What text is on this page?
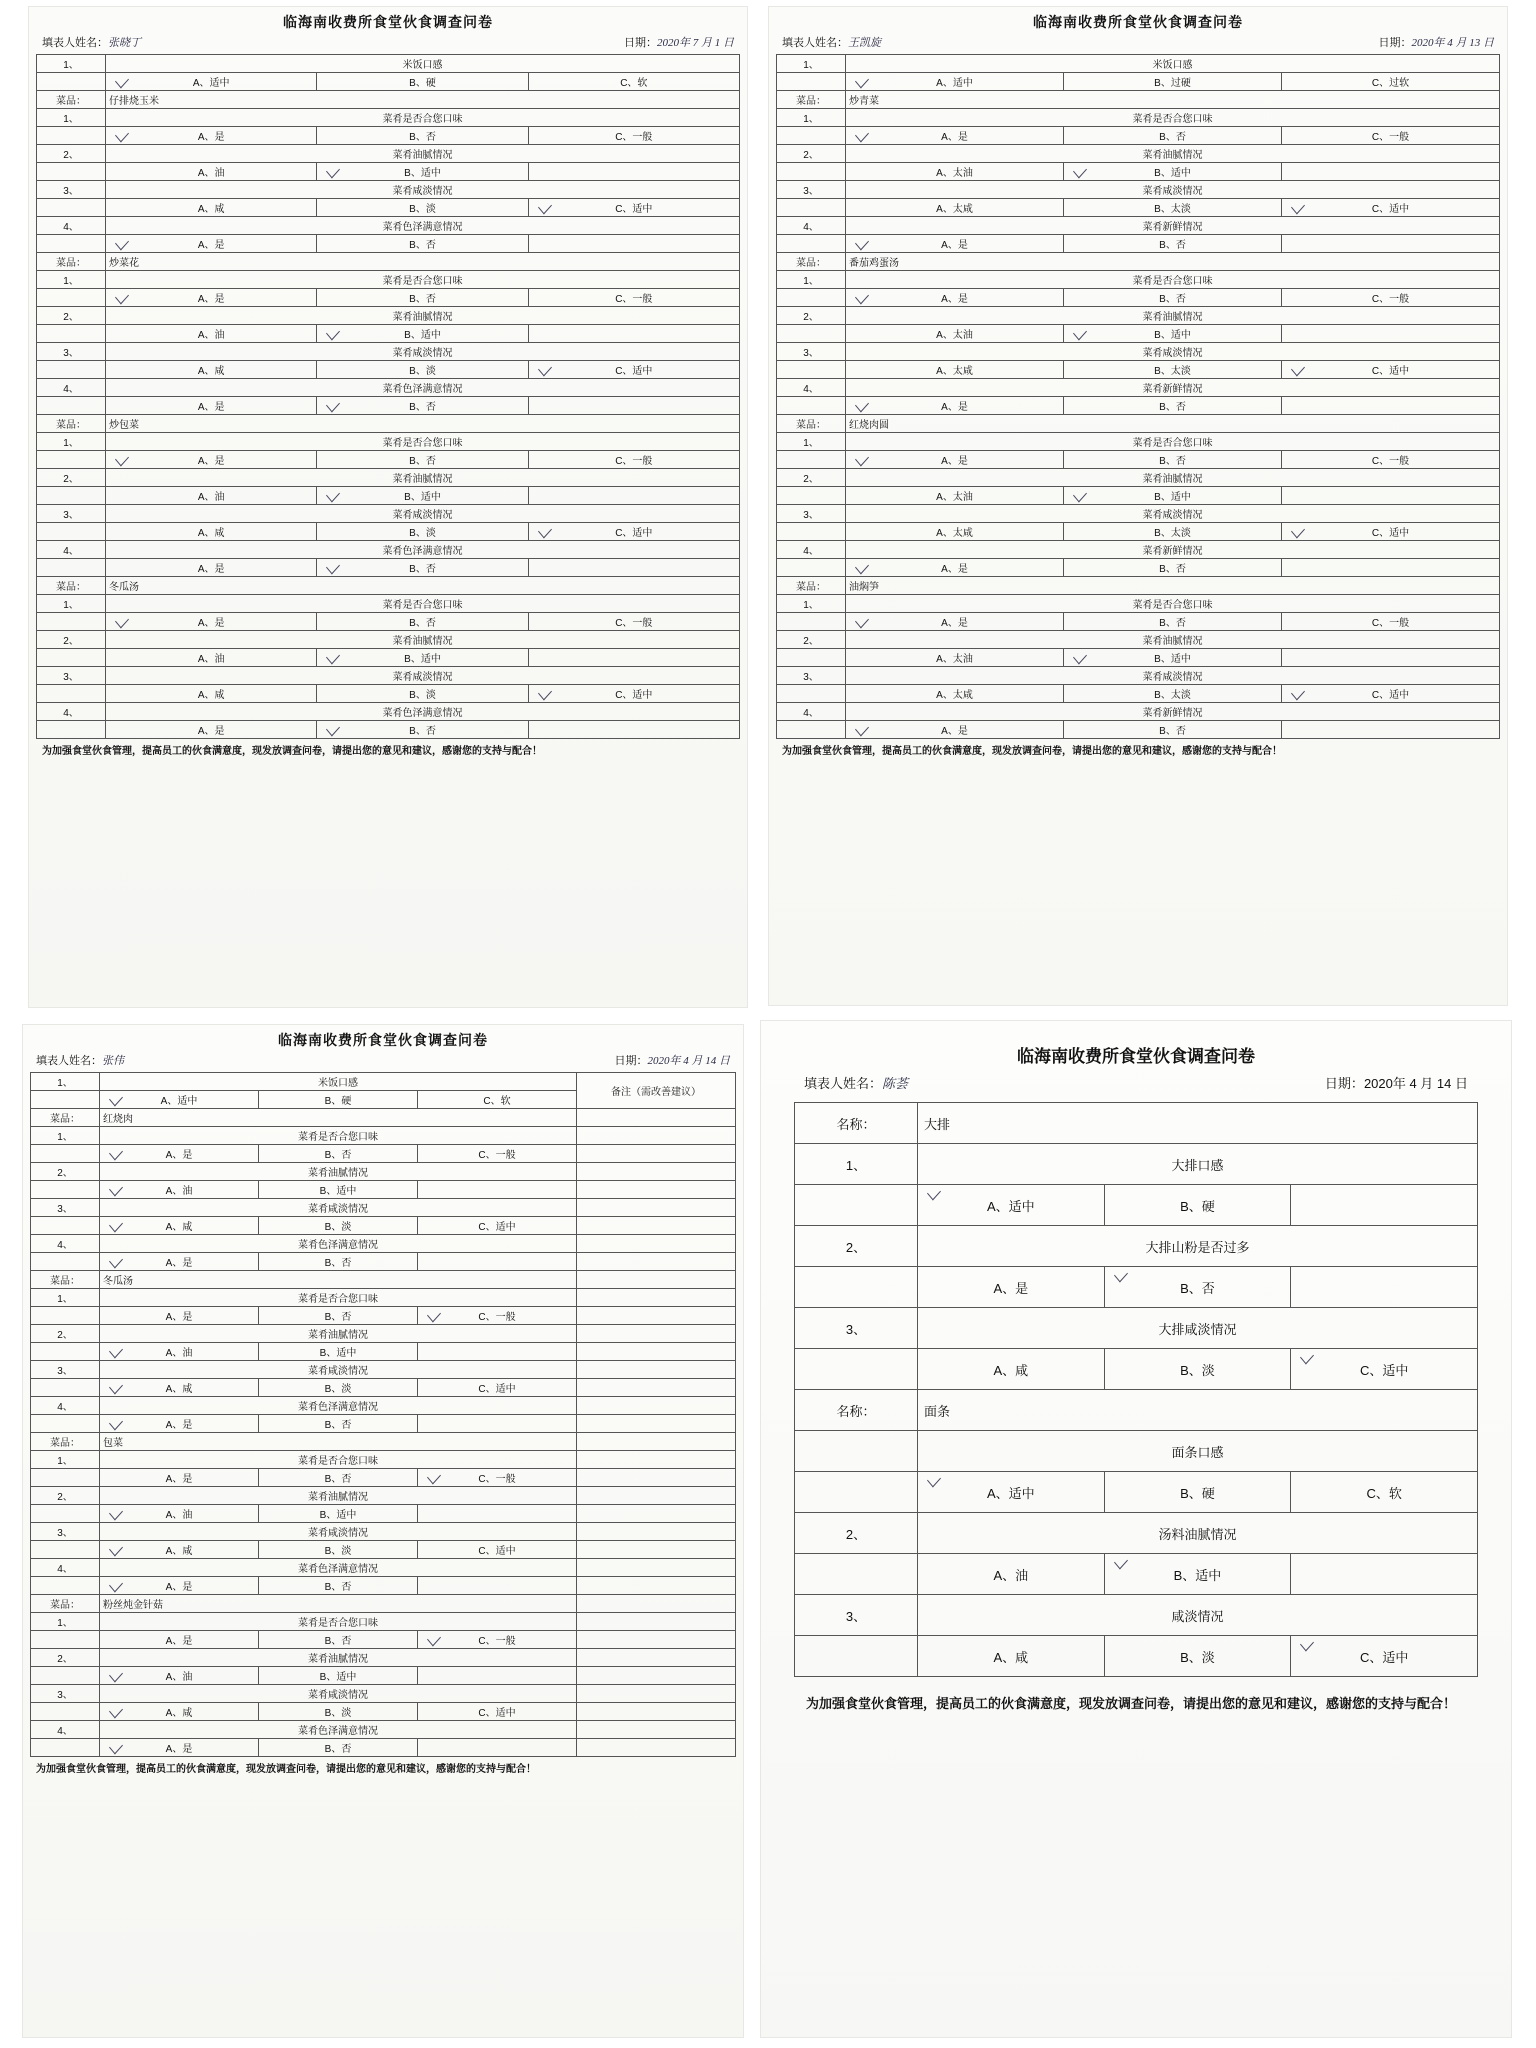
临海南收费所食堂伙食调查问卷
填表人姓名：张晓丁	日期：2020年 7 月 1 日
1、	米饭口感		
	A、适中	B、硬	C、软
菜品：	仔排烧玉米		
1、	菜肴是否合您口味		
	A、是	B、否	C、一般
2、	菜肴油腻情况		
	A、油	B、适中	
3、	菜肴咸淡情况		
	A、咸	B、淡	C、适中
4、	菜肴色泽满意情况		
	A、是	B、否	
菜品：	炒菜花		
1、	菜肴是否合您口味		
	A、是	B、否	C、一般
2、	菜肴油腻情况		
	A、油	B、适中	
3、	菜肴咸淡情况		
	A、咸	B、淡	C、适中
4、	菜肴色泽满意情况		
	A、是	B、否	
菜品：	炒包菜		
1、	菜肴是否合您口味		
	A、是	B、否	C、一般
2、	菜肴油腻情况		
	A、油	B、适中	
3、	菜肴咸淡情况		
	A、咸	B、淡	C、适中
4、	菜肴色泽满意情况		
	A、是	B、否	
菜品：	冬瓜汤		
1、	菜肴是否合您口味		
	A、是	B、否	C、一般
2、	菜肴油腻情况		
	A、油	B、适中	
3、	菜肴咸淡情况		
	A、咸	B、淡	C、适中
4、	菜肴色泽满意情况		
	A、是	B、否	
为加强食堂伙食管理，提高员工的伙食满意度，现发放调查问卷，请提出您的意见和建议，感谢您的支持与配合！
临海南收费所食堂伙食调查问卷
填表人姓名：王凯旋	日期：2020年 4 月 13 日
1、	米饭口感		
	A、适中	B、过硬	C、过软
菜品：	炒青菜		
1、	菜肴是否合您口味		
	A、是	B、否	C、一般
2、	菜肴油腻情况		
	A、太油	B、适中	
3、	菜肴咸淡情况		
	A、太咸	B、太淡	C、适中
4、	菜肴新鲜情况		
	A、是	B、否	
菜品：	番茄鸡蛋汤		
1、	菜肴是否合您口味		
	A、是	B、否	C、一般
2、	菜肴油腻情况		
	A、太油	B、适中	
3、	菜肴咸淡情况		
	A、太咸	B、太淡	C、适中
4、	菜肴新鲜情况		
	A、是	B、否	
菜品：	红烧肉圆		
1、	菜肴是否合您口味		
	A、是	B、否	C、一般
2、	菜肴油腻情况		
	A、太油	B、适中	
3、	菜肴咸淡情况		
	A、太咸	B、太淡	C、适中
4、	菜肴新鲜情况		
	A、是	B、否	
菜品：	油焖笋		
1、	菜肴是否合您口味		
	A、是	B、否	C、一般
2、	菜肴油腻情况		
	A、太油	B、适中	
3、	菜肴咸淡情况		
	A、太咸	B、太淡	C、适中
4、	菜肴新鲜情况		
	A、是	B、否	
为加强食堂伙食管理，提高员工的伙食满意度，现发放调查问卷，请提出您的意见和建议，感谢您的支持与配合！
临海南收费所食堂伙食调查问卷
填表人姓名：张伟	日期：2020年 4 月 14 日
1、	米饭口感			备注（需改善建议）
	A、适中	B、硬	C、软	
菜品：	红烧肉			
1、	菜肴是否合您口味			
	A、是	B、否	C、一般	
2、	菜肴油腻情况			
	A、油	B、适中		
3、	菜肴咸淡情况			
	A、咸	B、淡	C、适中	
4、	菜肴色泽满意情况			
	A、是	B、否		
菜品：	冬瓜汤			
1、	菜肴是否合您口味			
	A、是	B、否	C、一般	
2、	菜肴油腻情况			
	A、油	B、适中		
3、	菜肴咸淡情况			
	A、咸	B、淡	C、适中	
4、	菜肴色泽满意情况			
	A、是	B、否		
菜品：	包菜			
1、	菜肴是否合您口味			
	A、是	B、否	C、一般	
2、	菜肴油腻情况			
	A、油	B、适中		
3、	菜肴咸淡情况			
	A、咸	B、淡	C、适中	
4、	菜肴色泽满意情况			
	A、是	B、否		
菜品：	粉丝炖金针菇			
1、	菜肴是否合您口味			
	A、是	B、否	C、一般	
2、	菜肴油腻情况			
	A、油	B、适中		
3、	菜肴咸淡情况			
	A、咸	B、淡	C、适中	
4、	菜肴色泽满意情况			
	A、是	B、否		
为加强食堂伙食管理，提高员工的伙食满意度，现发放调查问卷，请提出您的意见和建议，感谢您的支持与配合！
临海南收费所食堂伙食调查问卷
填表人姓名：陈荟	日期：2020年 4 月 14 日
名称：	大排		
1、	大排口感		
	A、适中	B、硬	
2、	大排山粉是否过多		
	A、是	B、否	
3、	大排咸淡情况		
	A、咸	B、淡	C、适中
名称：	面条		
	面条口感		
	A、适中	B、硬	C、软
2、	汤料油腻情况		
	A、油	B、适中	
3、	咸淡情况		
	A、咸	B、淡	C、适中
为加强食堂伙食管理，提高员工的伙食满意度，现发放调查问卷，请提出您的意见和建议，感谢您的支持与配合！
